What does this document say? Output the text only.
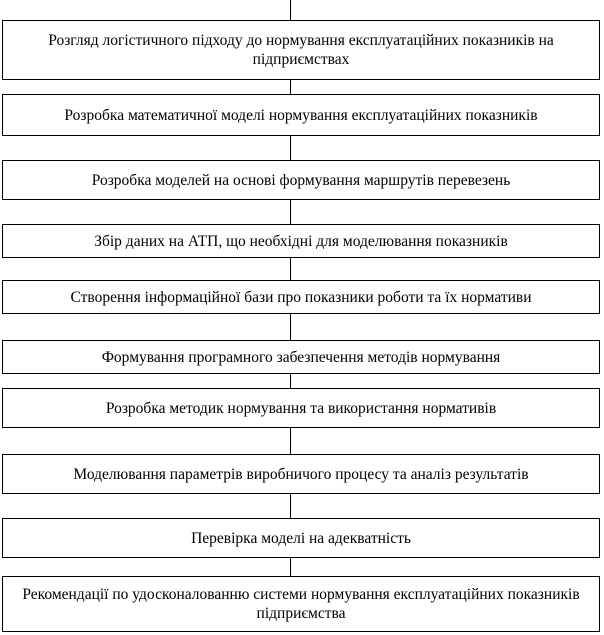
Розгляд логістичного підходу до нормування експлуатаційних показників на підприємствах
Розробка математичної моделі нормування експлуатаційних показників
Розробка моделей на основі формування маршрутів перевезень
Збір даних на АТП, що необхідні для моделювання показників
Створення інформаційної бази про показники роботи та їх нормативи
Формування програмного забезпечення методів нормування
Розробка методик нормування та використання нормативів
Моделювання параметрів виробничого процесу та аналіз результатів
Перевірка моделі на адекватність
Рекомендації по удосконалованню системи нормування експлуатаційних показників підприємства
